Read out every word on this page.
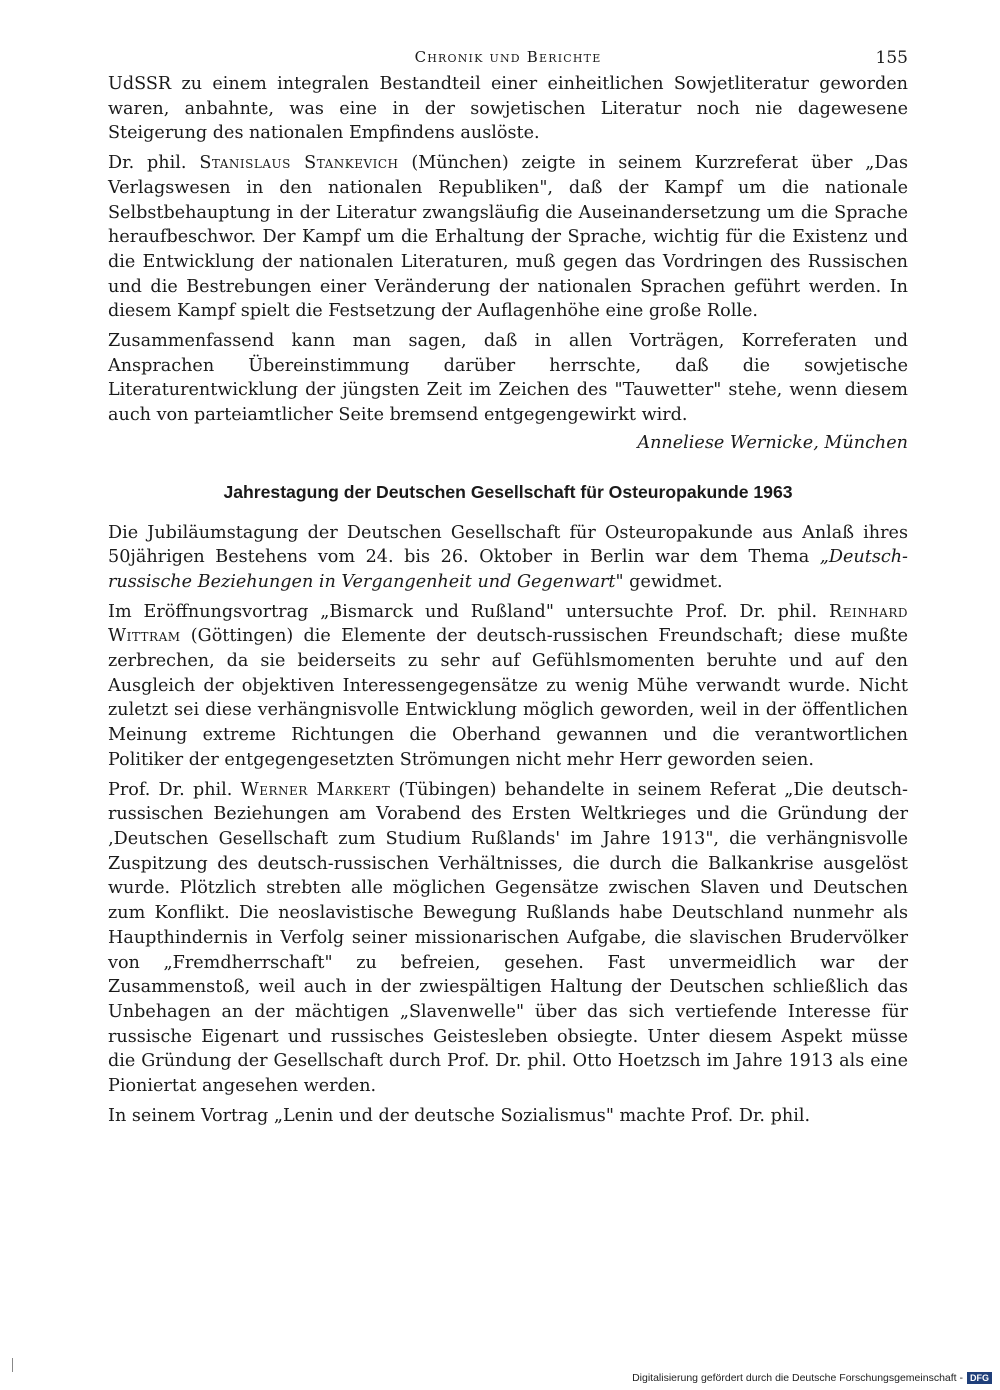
Chronik und Berichte	155

UdSSR zu einem integralen Bestandteil einer einheitlichen Sowjetliteratur geworden waren, anbahnte, was eine in der sowjetischen Literatur noch nie dagewesene Steigerung des nationalen Empfindens auslöste.

Dr. phil. Stanislaus Stankevich (München) zeigte in seinem Kurzreferat über „Das Verlagswesen in den nationalen Republiken", daß der Kampf um die nationale Selbstbehauptung in der Literatur zwangsläufig die Auseinandersetzung um die Sprache heraufbeschwor. Der Kampf um die Erhaltung der Sprache, wichtig für die Existenz und die Entwicklung der nationalen Literaturen, muß gegen das Vordringen des Russischen und die Bestrebungen einer Veränderung der nationalen Sprachen geführt werden. In diesem Kampf spielt die Festsetzung der Auflagenhöhe eine große Rolle.

Zusammenfassend kann man sagen, daß in allen Vorträgen, Korreferaten und Ansprachen Übereinstimmung darüber herrschte, daß die sowjetische Literaturentwicklung der jüngsten Zeit im Zeichen des "Tauwetter" stehe, wenn diesem auch von parteiamtlicher Seite bremsend entgegengewirkt wird.

Anneliese Wernicke, München
Jahrestagung der Deutschen Gesellschaft für Osteuropakunde 1963

Die Jubiläumstagung der Deutschen Gesellschaft für Osteuropakunde aus Anlaß ihres 50jährigen Bestehens vom 24. bis 26. Oktober in Berlin war dem Thema „Deutsch-russische Beziehungen in Vergangenheit und Gegenwart" gewidmet.

Im Eröffnungsvortrag „Bismarck und Rußland" untersuchte Prof. Dr. phil. Reinhard Wittram (Göttingen) die Elemente der deutsch-russischen Freundschaft; diese mußte zerbrechen, da sie beiderseits zu sehr auf Gefühlsmomenten beruhte und auf den Ausgleich der objektiven Interessengegensätze zu wenig Mühe verwandt wurde. Nicht zuletzt sei diese verhängnisvolle Entwicklung möglich geworden, weil in der öffentlichen Meinung extreme Richtungen die Oberhand gewannen und die verantwortlichen Politiker der entgegengesetzten Strömungen nicht mehr Herr geworden seien.

Prof. Dr. phil. Werner Markert (Tübingen) behandelte in seinem Referat „Die deutsch-russischen Beziehungen am Vorabend des Ersten Weltkrieges und die Gründung der ‚Deutschen Gesellschaft zum Studium Rußlands' im Jahre 1913", die verhängnisvolle Zuspitzung des deutsch-russischen Verhältnisses, die durch die Balkankrise ausgelöst wurde. Plötzlich strebten alle möglichen Gegensätze zwischen Slaven und Deutschen zum Konflikt. Die neoslavistische Bewegung Rußlands habe Deutschland nunmehr als Haupthindernis in Verfolg seiner missionarischen Aufgabe, die slavischen Brudervölker von „Fremdherrschaft" zu befreien, gesehen. Fast unvermeidlich war der Zusammenstoß, weil auch in der zwiespältigen Haltung der Deutschen schließlich das Unbehagen an der mächtigen „Slavenwelle" über das sich vertiefende Interesse für russische Eigenart und russisches Geistesleben obsiegte. Unter diesem Aspekt müsse die Gründung der Gesellschaft durch Prof. Dr. phil. Otto Hoetzsch im Jahre 1913 als eine Pioniertat angesehen werden.

In seinem Vortrag „Lenin und der deutsche Sozialismus" machte Prof. Dr. phil.

Digitalisierung gefördert durch die Deutsche Forschungsgemeinschaft - DFG
